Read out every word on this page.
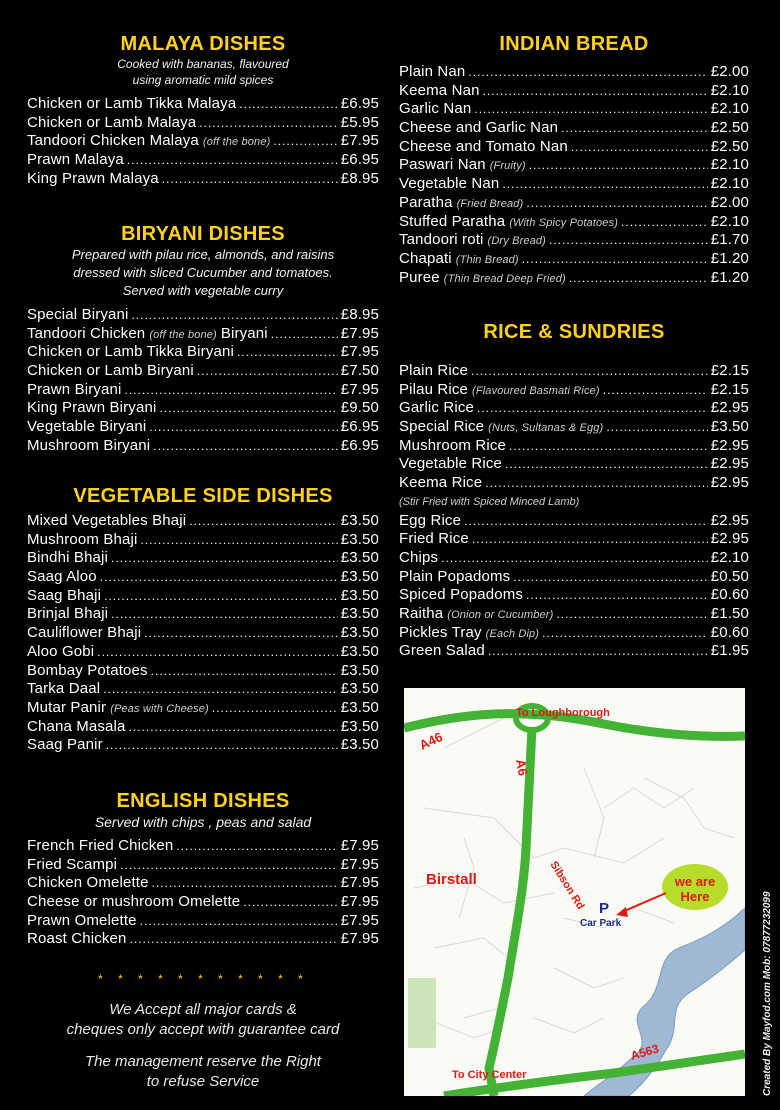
MALAYA DISHES

Cooked with bananas, flavoured

using aromatic mild spices

Chicken or Lamb Tikka Malaya .....	£6.95
Chicken or Lamb Malaya .....	£5.95
Tandoori Chicken Malaya (off the bone) .....	£7.95
Prawn Malaya .....	£6.95
King Prawn Malaya .....	£8.95
BIRYANI DISHES

Prepared with pilau rice, almonds, and raisins

dressed with sliced Cucumber and tomatoes.

Served with vegetable curry

Special Biryani .....	£8.95
Tandoori Chicken (off the bone) Biryani .....	£7.95
Chicken or Lamb Tikka Biryani .....	£7.95
Chicken or Lamb Biryani .....	£7.50
Prawn Biryani .....	£7.95
King Prawn Biryani .....	£9.50
Vegetable Biryani .....	£6.95
Mushroom Biryani .....	£6.95
VEGETABLE SIDE DISHES
Mixed Vegetables Bhaji .....	£3.50
Mushroom Bhaji .....	£3.50
Bindhi Bhaji .....	£3.50
Saag Aloo .....	£3.50
Saag Bhaji .....	£3.50
Brinjal Bhaji .....	£3.50
Cauliflower Bhaji .....	£3.50
Aloo Gobi .....	£3.50
Bombay Potatoes .....	£3.50
Tarka Daal .....	£3.50
Mutar Panir (Peas with Cheese) .....	£3.50
Chana Masala .....	£3.50
Saag Panir .....	£3.50
ENGLISH DISHES

Served with chips , peas and salad

French Fried Chicken .....	£7.95
Fried Scampi .....	£7.95
Chicken Omelette .....	£7.95
Cheese or mushroom Omelette .....	£7.95
Prawn Omelette .....	£7.95
Roast Chicken .....	£7.95
* * * * * * * * * * *

We Accept all major cards &

cheques only accept with guarantee card

The management reserve the Right

to refuse Service

INDIAN BREAD
Plain Nan .....	£2.00
Keema Nan .....	£2.10
Garlic Nan .....	£2.10
Cheese and Garlic Nan .....	£2.50
Cheese and Tomato Nan .....	£2.50
Paswari Nan (Fruity) .....	£2.10
Vegetable Nan .....	£2.10
Paratha (Fried Bread) .....	£2.00
Stuffed Paratha (With Spicy Potatoes) .....	£2.10
Tandoori roti (Dry Bread) .....	£1.70
Chapati (Thin Bread) .....	£1.20
Puree (Thin Bread Deep Fried) .....	£1.20
RICE & SUNDRIES
Plain Rice .....	£2.15
Pilau Rice (Flavoured Basmati Rice) .....	£2.15
Garlic Rice .....	£2.95
Special Rice (Nuts, Sultanas & Egg) .....	£3.50
Mushroom Rice .....	£2.95
Vegetable Rice .....	£2.95
Keema Rice .....	£2.95
(Stir Fried with Spiced Minced Lamb)
Egg Rice .....	£2.95
Fried Rice .....	£2.95
Chips .....	£2.10
Plain Popadoms .....	£0.50
Spiced Popadoms .....	£0.60
Raitha (Onion or Cucumber) .....	£1.50
Pickles Tray (Each Dip) .....	£0.60
Green Salad .....	£1.95
A46
To Loughborough
A6
Birstall	Sibson Rd	we are
Here
P
Car Park
A563
To City Center	Created By Mayfod.com Mob: 07877232099
